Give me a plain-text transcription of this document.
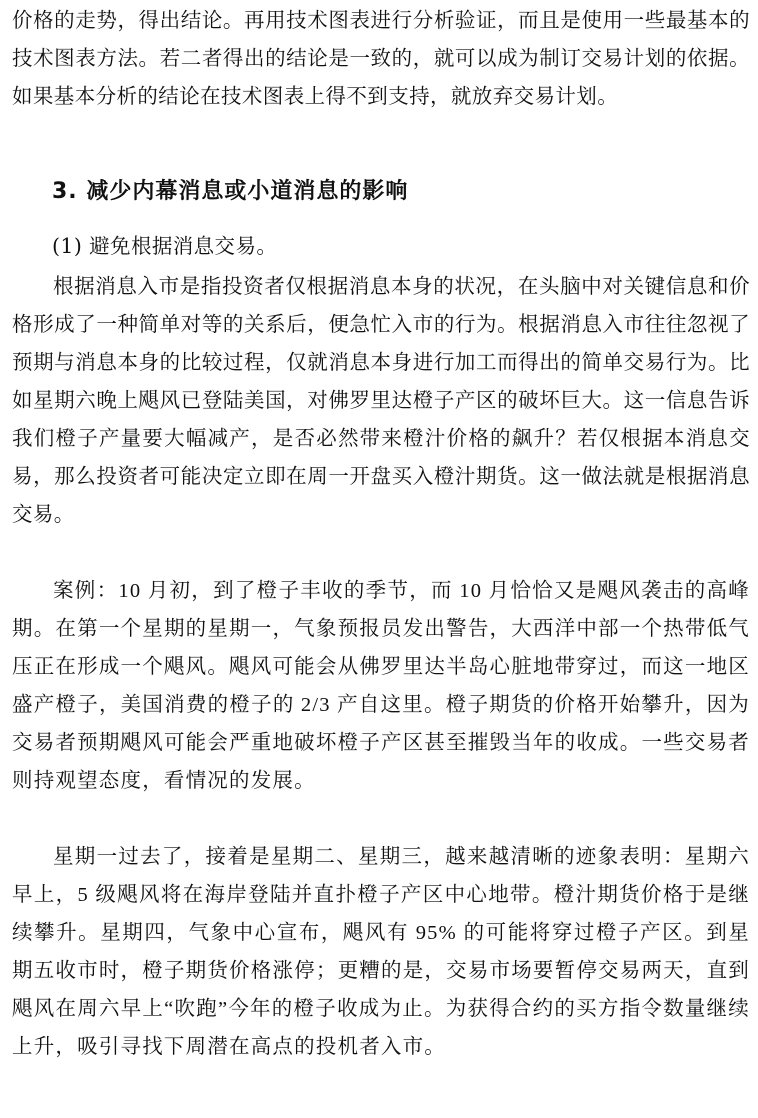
价格的走势，得出结论。再用技术图表进行分析验证，而且是使用一些最基本的技术图表方法。若二者得出的结论是一致的，就可以成为制订交易计划的依据。如果基本分析的结论在技术图表上得不到支持，就放弃交易计划。

3. 减少内幕消息或小道消息的影响

(1) 避免根据消息交易。

根据消息入市是指投资者仅根据消息本身的状况，在头脑中对关键信息和价格形成了一种简单对等的关系后，便急忙入市的行为。根据消息入市往往忽视了预期与消息本身的比较过程，仅就消息本身进行加工而得出的简单交易行为。比如星期六晚上飓风已登陆美国，对佛罗里达橙子产区的破坏巨大。这一信息告诉我们橙子产量要大幅减产，是否必然带来橙汁价格的飙升？若仅根据本消息交易，那么投资者可能决定立即在周一开盘买入橙汁期货。这一做法就是根据消息交易。

案例：10 月初，到了橙子丰收的季节，而 10 月恰恰又是飓风袭击的高峰期。在第一个星期的星期一，气象预报员发出警告，大西洋中部一个热带低气压正在形成一个飓风。飓风可能会从佛罗里达半岛心脏地带穿过，而这一地区盛产橙子，美国消费的橙子的 2/3 产自这里。橙子期货的价格开始攀升，因为交易者预期飓风可能会严重地破坏橙子产区甚至摧毁当年的收成。一些交易者则持观望态度，看情况的发展。

星期一过去了，接着是星期二、星期三，越来越清晰的迹象表明：星期六早上，5 级飓风将在海岸登陆并直扑橙子产区中心地带。橙汁期货价格于是继续攀升。星期四，气象中心宣布，飓风有 95% 的可能将穿过橙子产区。到星期五收市时，橙子期货价格涨停；更糟的是，交易市场要暂停交易两天，直到飓风在周六早上“吹跑”今年的橙子收成为止。为获得合约的买方指令数量继续上升，吸引寻找下周潜在高点的投机者入市。
